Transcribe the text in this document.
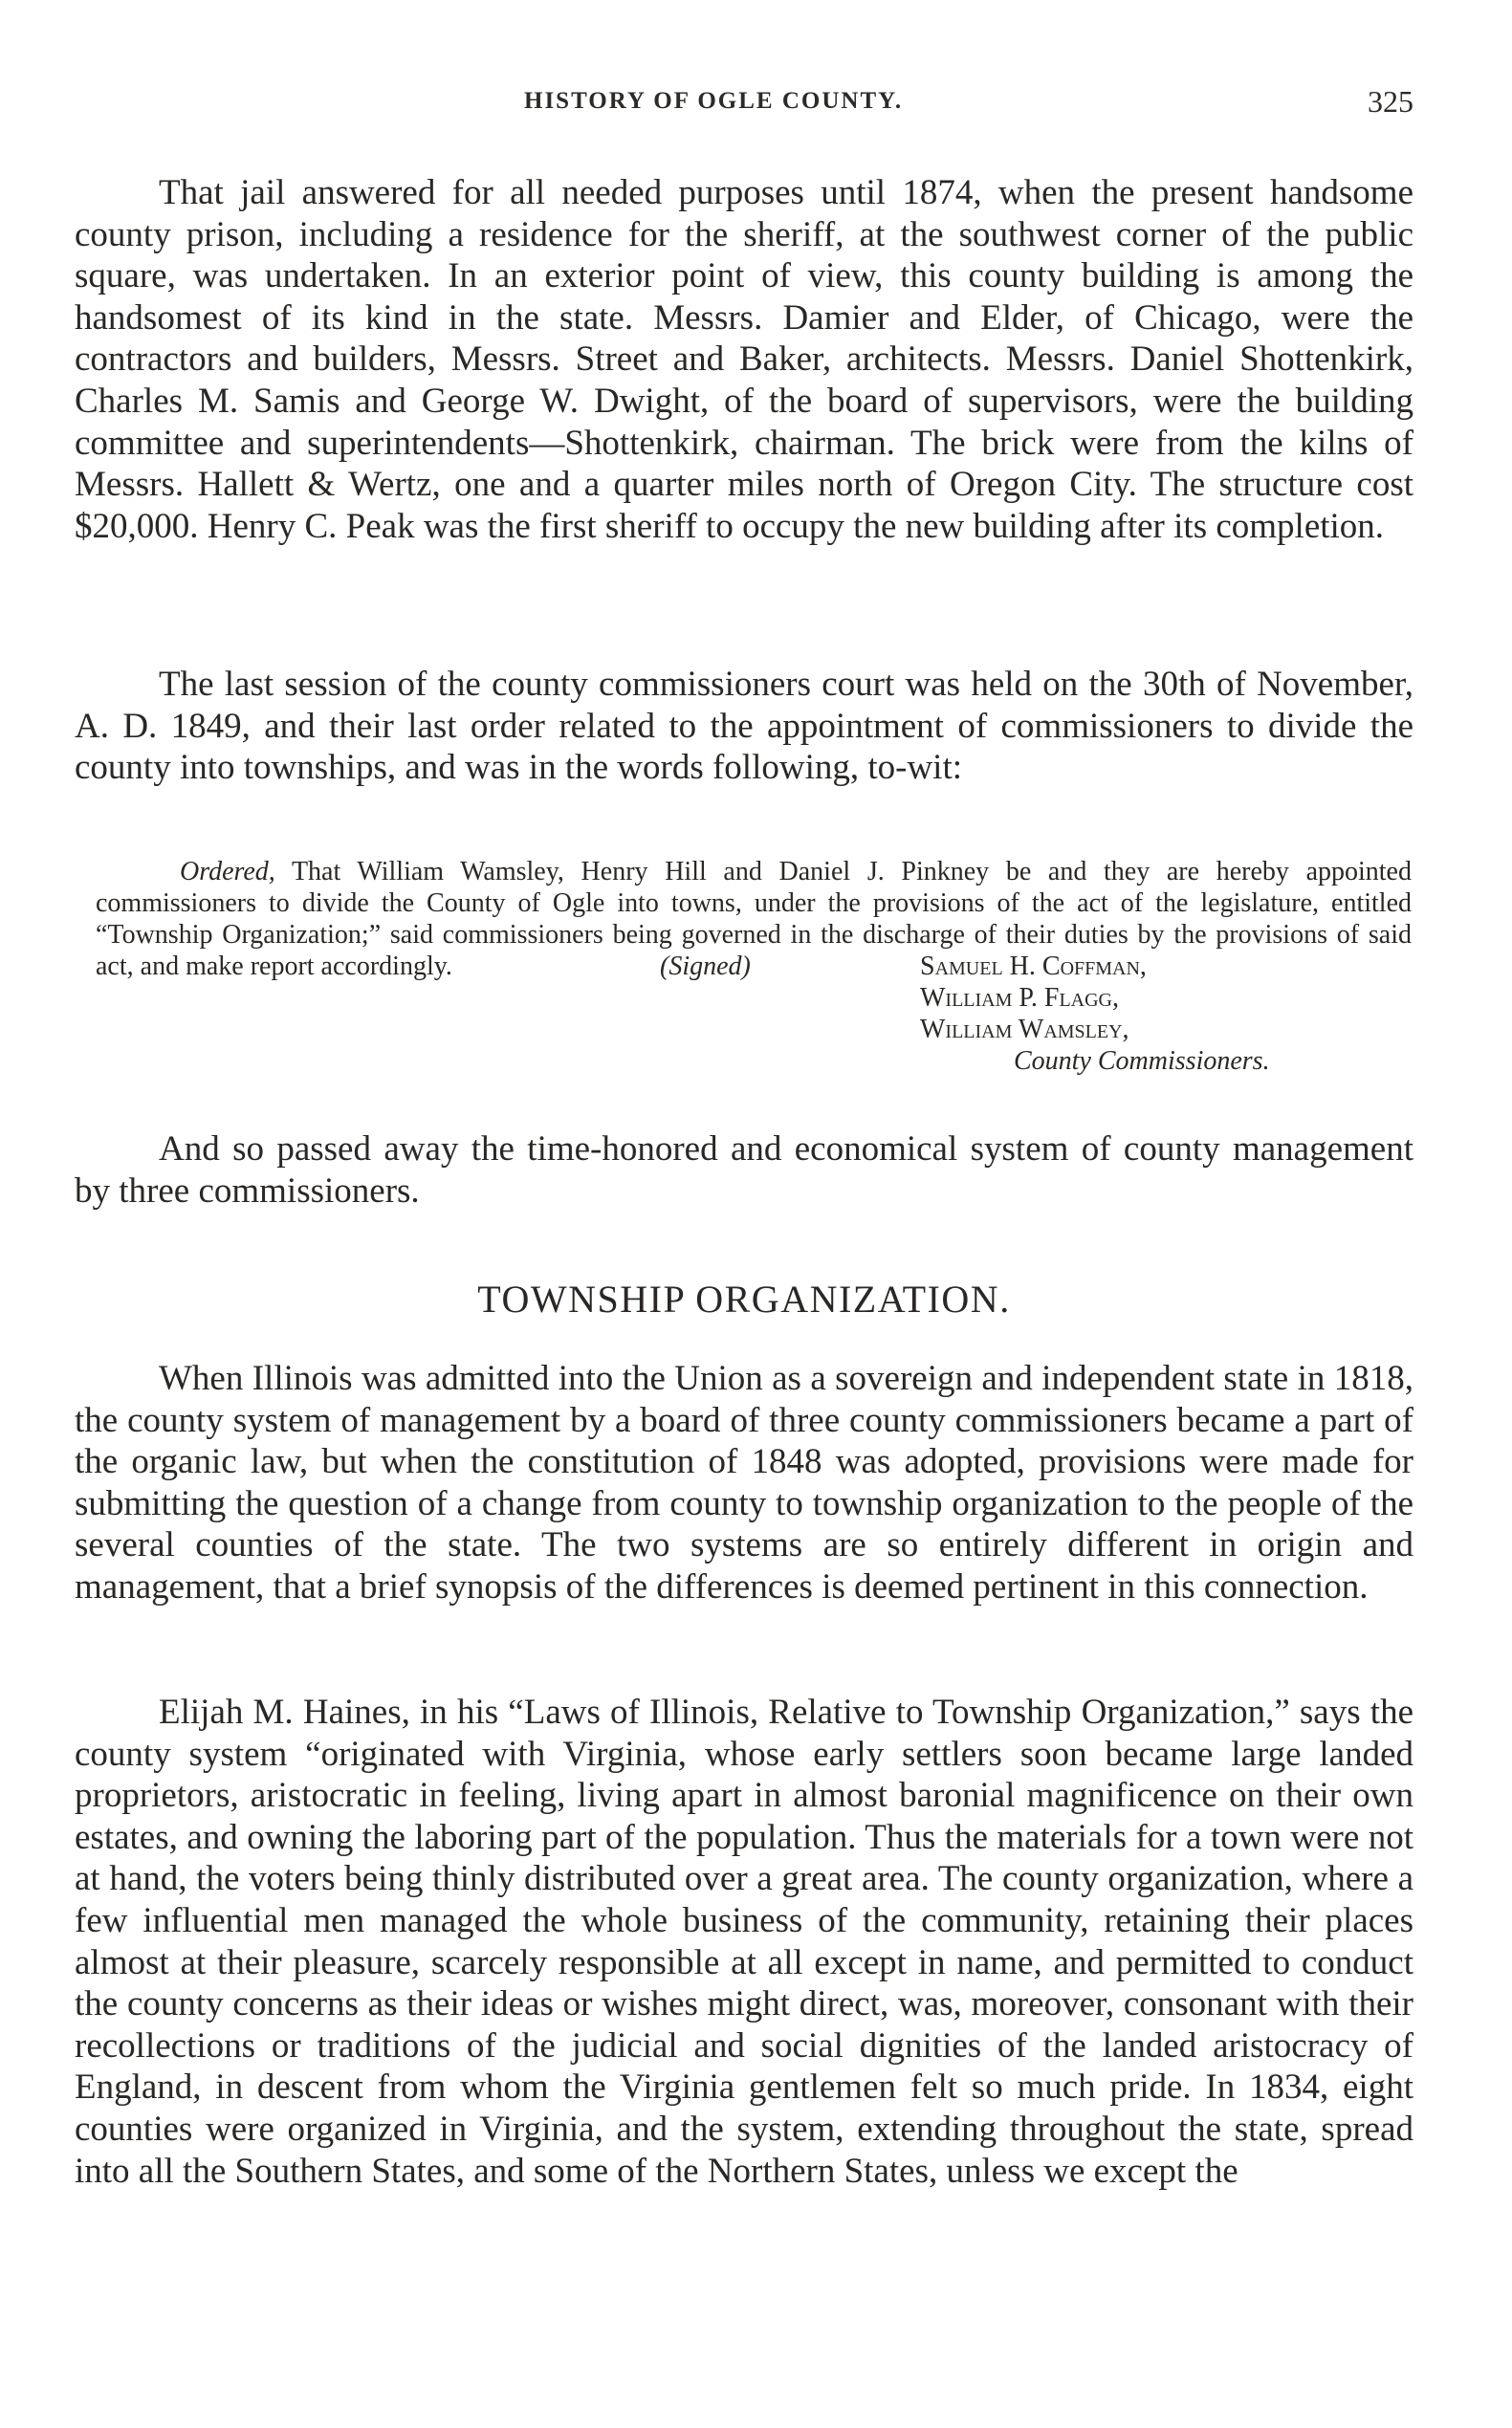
HISTORY OF OGLE COUNTY.	325

That jail answered for all needed purposes until 1874, when the present handsome county prison, including a residence for the sheriff, at the southwest corner of the public square, was undertaken. In an exterior point of view, this county building is among the handsomest of its kind in the state. Messrs. Damier and Elder, of Chicago, were the contractors and builders, Messrs. Street and Baker, architects. Messrs. Daniel Shottenkirk, Charles M. Samis and George W. Dwight, of the board of supervisors, were the building committee and superintendents—Shottenkirk, chairman. The brick were from the kilns of Messrs. Hallett & Wertz, one and a quarter miles north of Oregon City. The structure cost $20,000. Henry C. Peak was the first sheriff to occupy the new building after its completion.

The last session of the county commissioners court was held on the 30th of November, A. D. 1849, and their last order related to the appointment of commissioners to divide the county into townships, and was in the words following, to-wit:

Ordered, That William Wamsley, Henry Hill and Daniel J. Pinkney be and they are hereby appointed commissioners to divide the County of Ogle into towns, under the provisions of the act of the legislature, entitled “Township Organization;” said commissioners being governed in the discharge of their duties by the provisions of said act, and make report accordingly.	(Signed)	Samuel H. Coffman,
William P. Flagg,
William Wamsley,
County Commissioners.

And so passed away the time-honored and economical system of county management by three commissioners.

TOWNSHIP ORGANIZATION.

When Illinois was admitted into the Union as a sovereign and independent state in 1818, the county system of management by a board of three county commissioners became a part of the organic law, but when the constitution of 1848 was adopted, provisions were made for submitting the question of a change from county to township organization to the people of the several counties of the state. The two systems are so entirely different in origin and management, that a brief synopsis of the differences is deemed pertinent in this connection.

Elijah M. Haines, in his “Laws of Illinois, Relative to Township Organization,” says the county system “originated with Virginia, whose early settlers soon became large landed proprietors, aristocratic in feeling, living apart in almost baronial magnificence on their own estates, and owning the laboring part of the population. Thus the materials for a town were not at hand, the voters being thinly distributed over a great area. The county organization, where a few influential men managed the whole business of the community, retaining their places almost at their pleasure, scarcely responsible at all except in name, and permitted to conduct the county concerns as their ideas or wishes might direct, was, moreover, consonant with their recollections or traditions of the judicial and social dignities of the landed aristocracy of England, in descent from whom the Virginia gentlemen felt so much pride. In 1834, eight counties were organized in Virginia, and the system, extending throughout the state, spread into all the Southern States, and some of the Northern States, unless we except the
